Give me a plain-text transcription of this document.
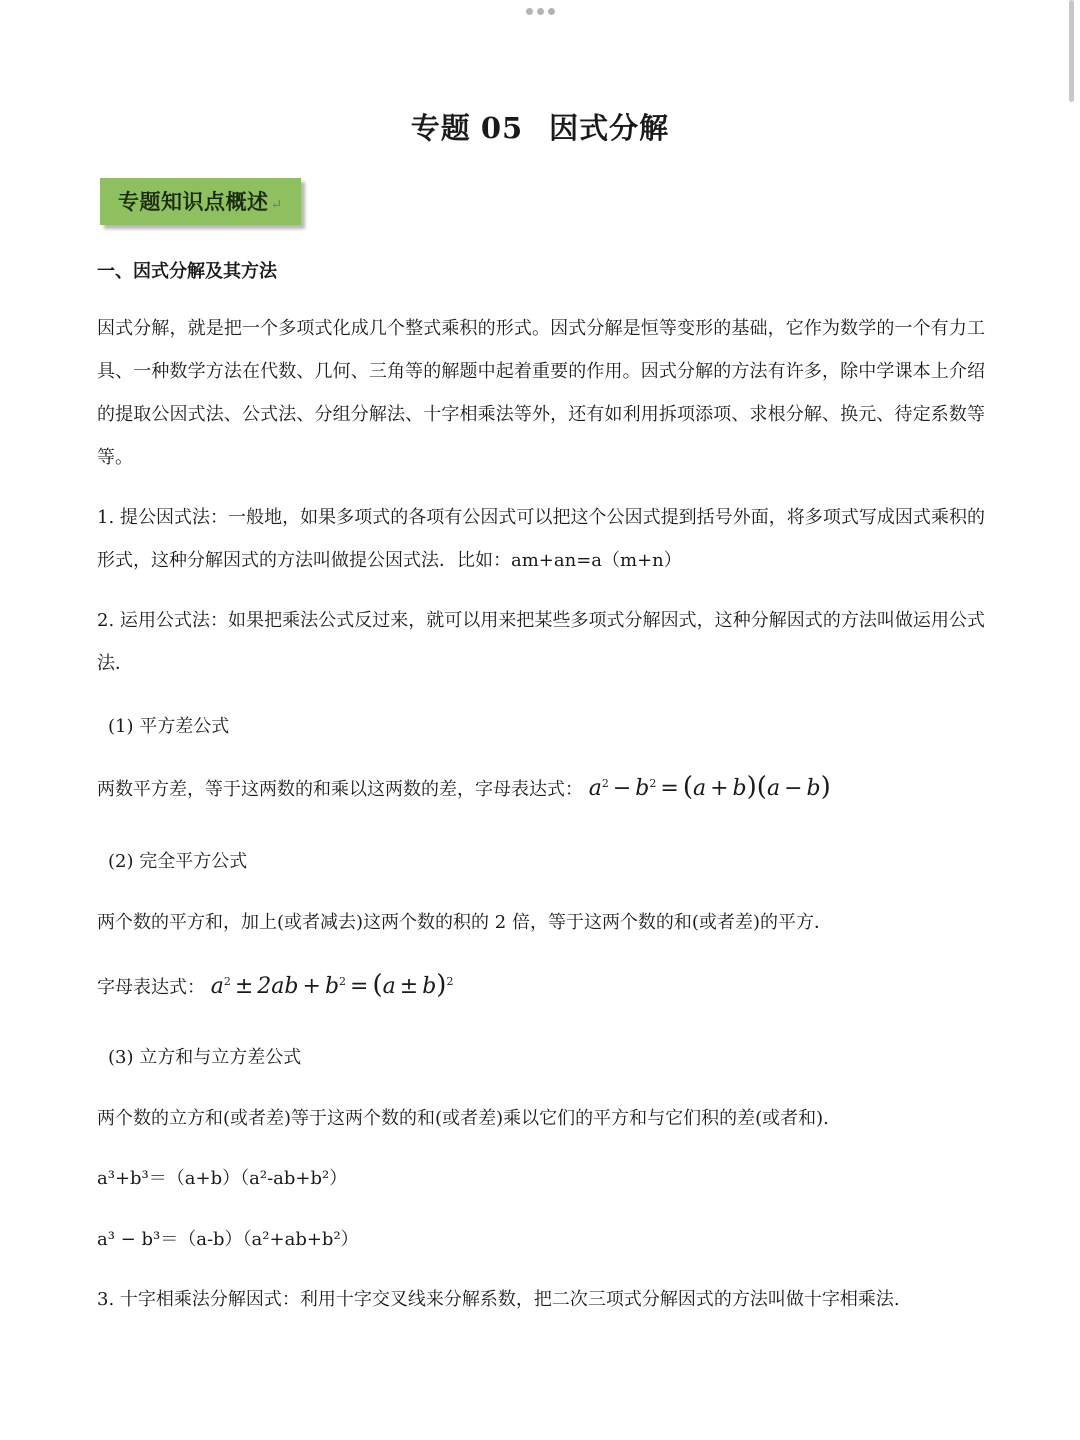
专题 05 因式分解
专题知识点概述 ↵
一、因式分解及其方法
因式分解，就是把一个多项式化成几个整式乘积的形式。因式分解是恒等变形的基础，它作为数学的一个有力工具、一种数学方法在代数、几何、三角等的解题中起着重要的作用。因式分解的方法有许多，除中学课本上介绍的提取公因式法、公式法、分组分解法、十字相乘法等外，还有如利用拆项添项、求根分解、换元、待定系数等等。
1. 提公因式法：一般地，如果多项式的各项有公因式可以把这个公因式提到括号外面，将多项式写成因式乘积的形式，这种分解因式的方法叫做提公因式法．比如：am+an=a（m+n）
2. 运用公式法：如果把乘法公式反过来，就可以用来把某些多项式分解因式，这种分解因式的方法叫做运用公式法．
(1) 平方差公式
两数平方差，等于这两数的和乘以这两数的差，字母表达式： $a^2 - b^2 = (a + b)(a - b)$
(2) 完全平方公式
两个数的平方和，加上(或者减去)这两个数的积的 2 倍，等于这两个数的和(或者差)的平方．
字母表达式： $a^2 \pm 2ab + b^2 = (a \pm b)^2$
(3) 立方和与立方差公式
两个数的立方和(或者差)等于这两个数的和(或者差)乘以它们的平方和与它们积的差(或者和).
a³+b³＝（a+b）（a²-ab+b²）
a³ − b³＝（a-b）（a²+ab+b²）
3. 十字相乘法分解因式：利用十字交叉线来分解系数，把二次三项式分解因式的方法叫做十字相乘法.
